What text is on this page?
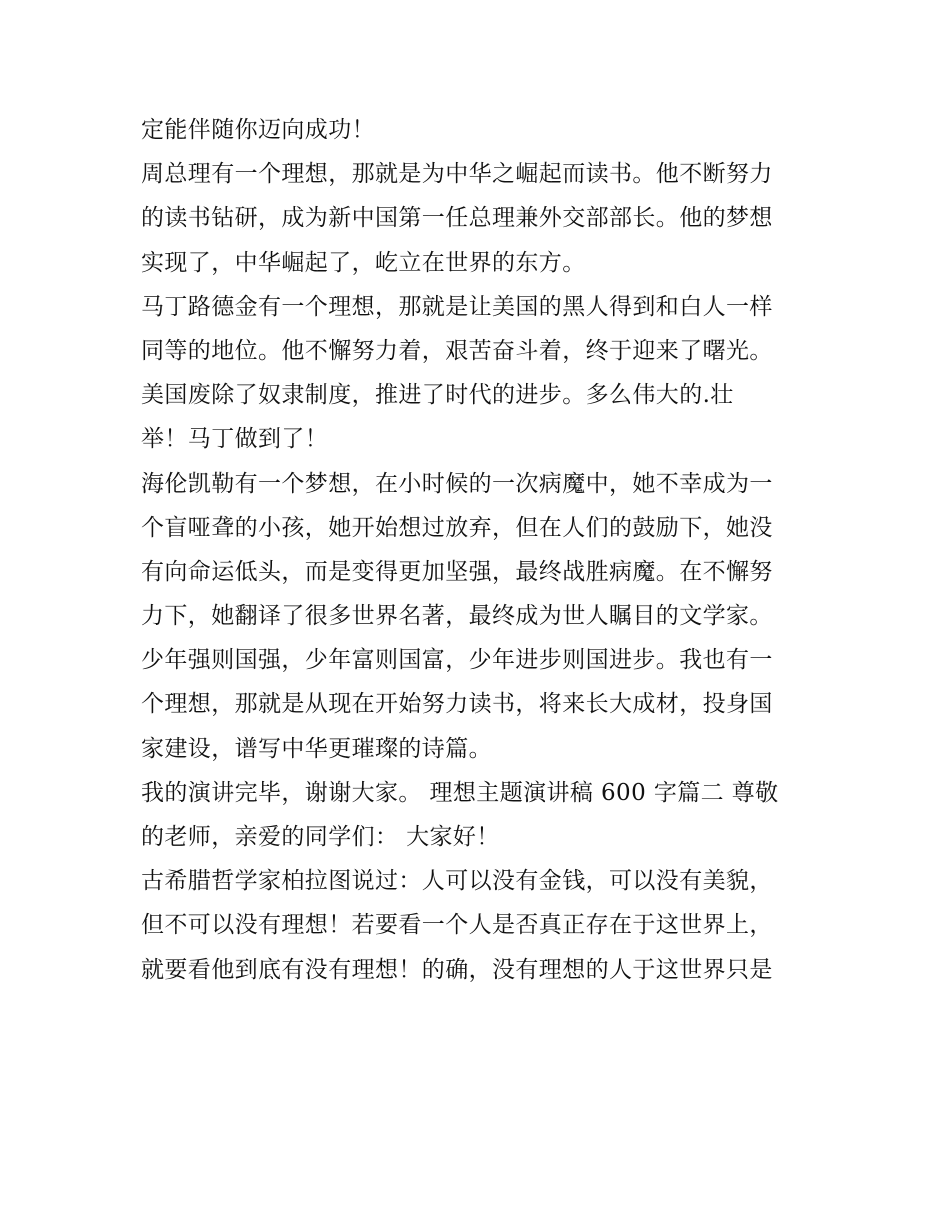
定能伴随你迈向成功！
周总理有一个理想，那就是为中华之崛起而读书。他不断努力
的读书钻研，成为新中国第一任总理兼外交部部长。他的梦想
实现了，中华崛起了，屹立在世界的东方。
马丁路德金有一个理想，那就是让美国的黑人得到和白人一样
同等的地位。他不懈努力着，艰苦奋斗着，终于迎来了曙光。
美国废除了奴隶制度，推进了时代的进步。多么伟大的.壮
举！马丁做到了！
海伦凯勒有一个梦想，在小时候的一次病魔中，她不幸成为一
个盲哑聋的小孩，她开始想过放弃，但在人们的鼓励下，她没
有向命运低头，而是变得更加坚强，最终战胜病魔。在不懈努
力下，她翻译了很多世界名著，最终成为世人瞩目的文学家。
少年强则国强，少年富则国富，少年进步则国进步。我也有一
个理想，那就是从现在开始努力读书，将来长大成材，投身国
家建设，谱写中华更璀璨的诗篇。
我的演讲完毕，谢谢大家。 理想主题演讲稿 600 字篇二 尊敬
的老师，亲爱的同学们： 大家好！
古希腊哲学家柏拉图说过：人可以没有金钱，可以没有美貌，
但不可以没有理想！若要看一个人是否真正存在于这世界上，
就要看他到底有没有理想！的确，没有理想的人于这世界只是
